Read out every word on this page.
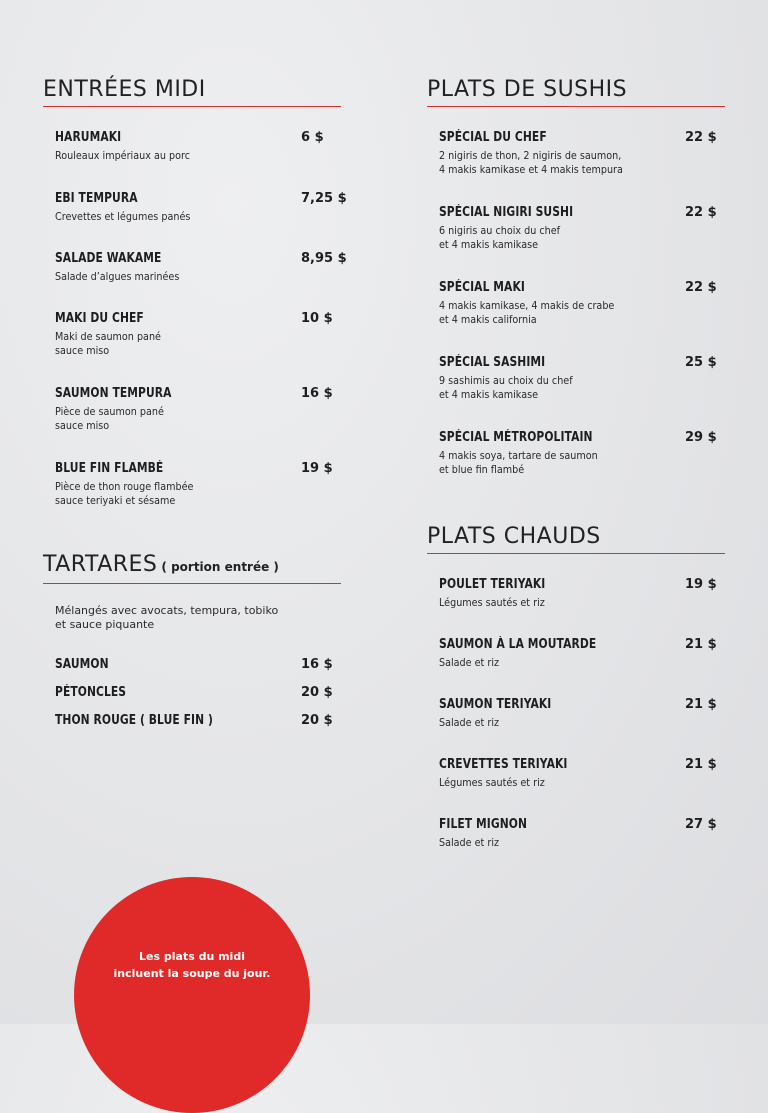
ENTRÉES MIDI
HARUMAKI	6 $
Rouleaux impériaux au porc
EBI TEMPURA	7,25 $
Crevettes et légumes panés
SALADE WAKAME	8,95 $
Salade d’algues marinées
MAKI DU CHEF	10 $
Maki de saumon pané
sauce miso
SAUMON TEMPURA	16 $
Pièce de saumon pané
sauce miso
BLUE FIN FLAMBÉ	19 $
Pièce de thon rouge flambée
sauce teriyaki et sésame
TARTARES ( portion entrée )
Mélangés avec avocats, tempura, tobiko
et sauce piquante
SAUMON	16 $
PÉTONCLES	20 $
THON ROUGE ( BLUE FIN )	20 $
PLATS DE SUSHIS
SPÉCIAL DU CHEF	22 $
2 nigiris de thon, 2 nigiris de saumon,
4 makis kamikase et 4 makis tempura
SPÉCIAL NIGIRI SUSHI	22 $
6 nigiris au choix du chef
et 4 makis kamikase
SPÉCIAL MAKI	22 $
4 makis kamikase, 4 makis de crabe
et 4 makis california
SPÉCIAL SASHIMI	25 $
9 sashimis au choix du chef
et 4 makis kamikase
SPÉCIAL MÉTROPOLITAIN	29 $
4 makis soya, tartare de saumon
et blue fin flambé
PLATS CHAUDS
POULET TERIYAKI	19 $
Légumes sautés et riz
SAUMON À LA MOUTARDE	21 $
Salade et riz
SAUMON TERIYAKI	21 $
Salade et riz
CREVETTES TERIYAKI	21 $
Légumes sautés et riz
FILET MIGNON	27 $
Salade et riz
Les plats du midi
incluent la soupe du jour.
